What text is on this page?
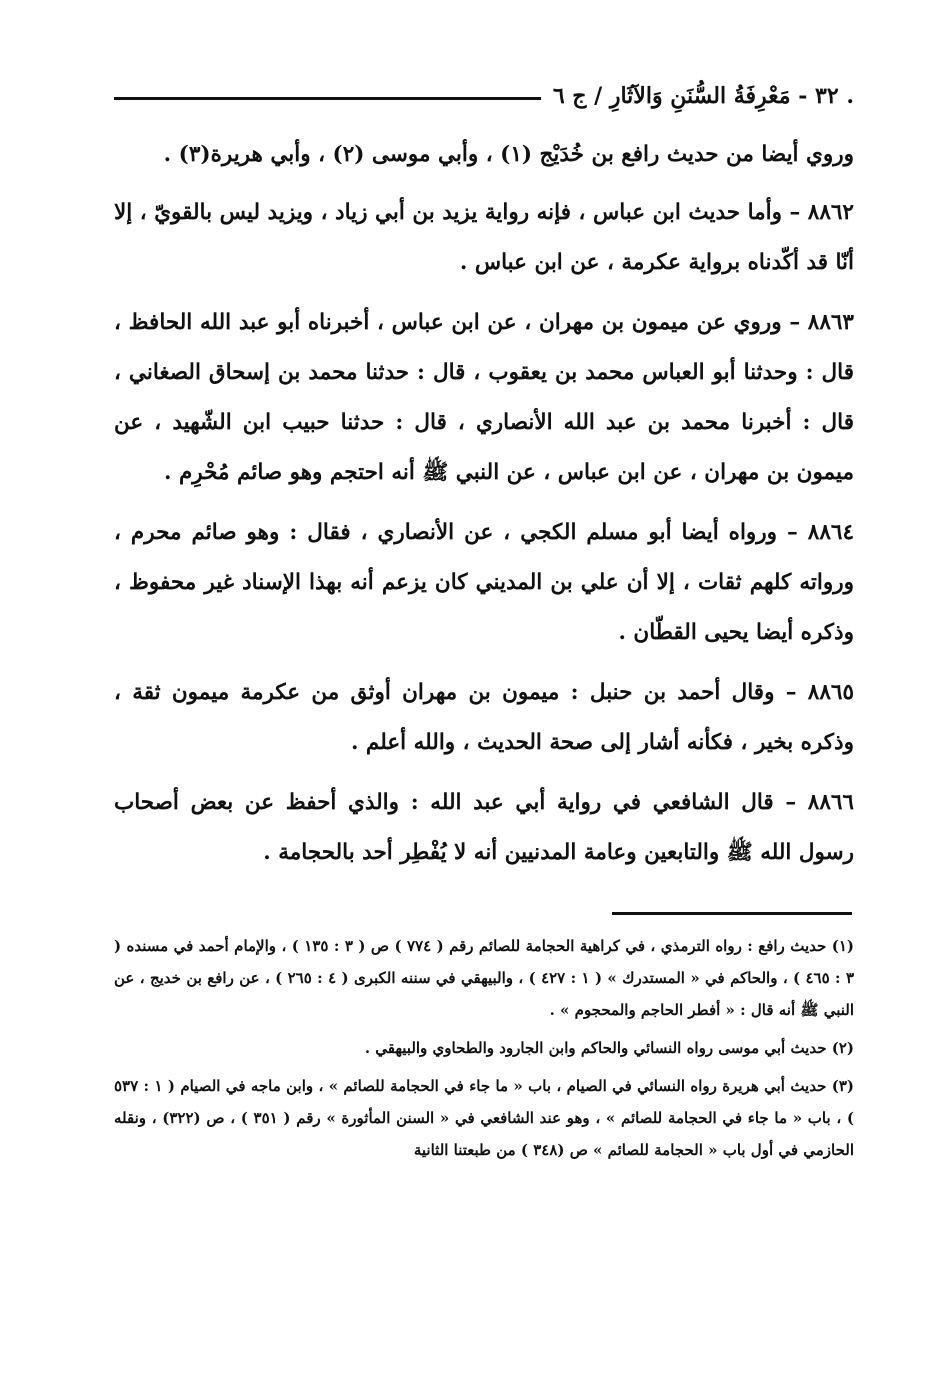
. ٣٢ - مَعْرِفَةُ السُّنَنِ وَالآثَارِ / ج ٦

وروي أيضا من حديث رافع بن خُدَيْج (١) ، وأبي موسى (٢) ، وأبي هريرة(٣) .

٨٨٦٢ – وأما حديث ابن عباس ، فإنه رواية يزيد بن أبي زياد ، ويزيد ليس بالقويّ ، إلا أنّا قد أكّدناه برواية عكرمة ، عن ابن عباس .

٨٨٦٣ – وروي عن ميمون بن مهران ، عن ابن عباس ، أخبرناه أبو عبد الله الحافظ ، قال : وحدثنا أبو العباس محمد بن يعقوب ، قال : حدثنا محمد بن إسحاق الصغاني ، قال : أخبرنا محمد بن عبد الله الأنصاري ، قال : حدثنا حبيب ابن الشّهيد ، عن ميمون بن مهران ، عن ابن عباس ، عن النبي ﷺ أنه احتجم وهو صائم مُحْرِم .

٨٨٦٤ – ورواه أيضا أبو مسلم الكجي ، عن الأنصاري ، فقال : وهو صائم محرم ، ورواته كلهم ثقات ، إلا أن علي بن المديني كان يزعم أنه بهذا الإسناد غير محفوظ ، وذكره أيضا يحيى القطّان .

٨٨٦٥ – وقال أحمد بن حنبل : ميمون بن مهران أوثق من عكرمة ميمون ثقة ، وذكره بخير ، فكأنه أشار إلى صحة الحديث ، والله أعلم .

٨٨٦٦ – قال الشافعي في رواية أبي عبد الله : والذي أحفظ عن بعض أصحاب رسول الله ﷺ والتابعين وعامة المدنيين أنه لا يُفْطِر أحد بالحجامة .

(١) حديث رافع : رواه الترمذي ، في كراهية الحجامة للصائم رقم ( ٧٧٤ ) ص ( ٣ : ١٣٥ ) ، والإمام أحمد في مسنده ( ٣ : ٤٦٥ ) ، والحاكم في « المستدرك » ( ١ : ٤٢٧ ) ، والبيهقي في سننه الكبرى ( ٤ : ٢٦٥ ) ، عن رافع بن خديج ، عن النبي ﷺ أنه قال : « أفطر الحاجم والمحجوم » .

(٢) حديث أبي موسى رواه النسائي والحاكم وابن الجارود والطحاوي والبيهقي .

(٣) حديث أبي هريرة رواه النسائي في الصيام ، باب « ما جاء في الحجامة للصائم » ، وابن ماجه في الصيام ( ١ : ٥٣٧ ) ، باب « ما جاء في الحجامة للصائم » ، وهو عند الشافعي في « السنن المأثورة » رقم ( ٣٥١ ) ، ص (٣٢٢) ، ونقله الحازمي في أول باب « الحجامة للصائم » ص (٣٤٨ ) من طبعتنا الثانية
